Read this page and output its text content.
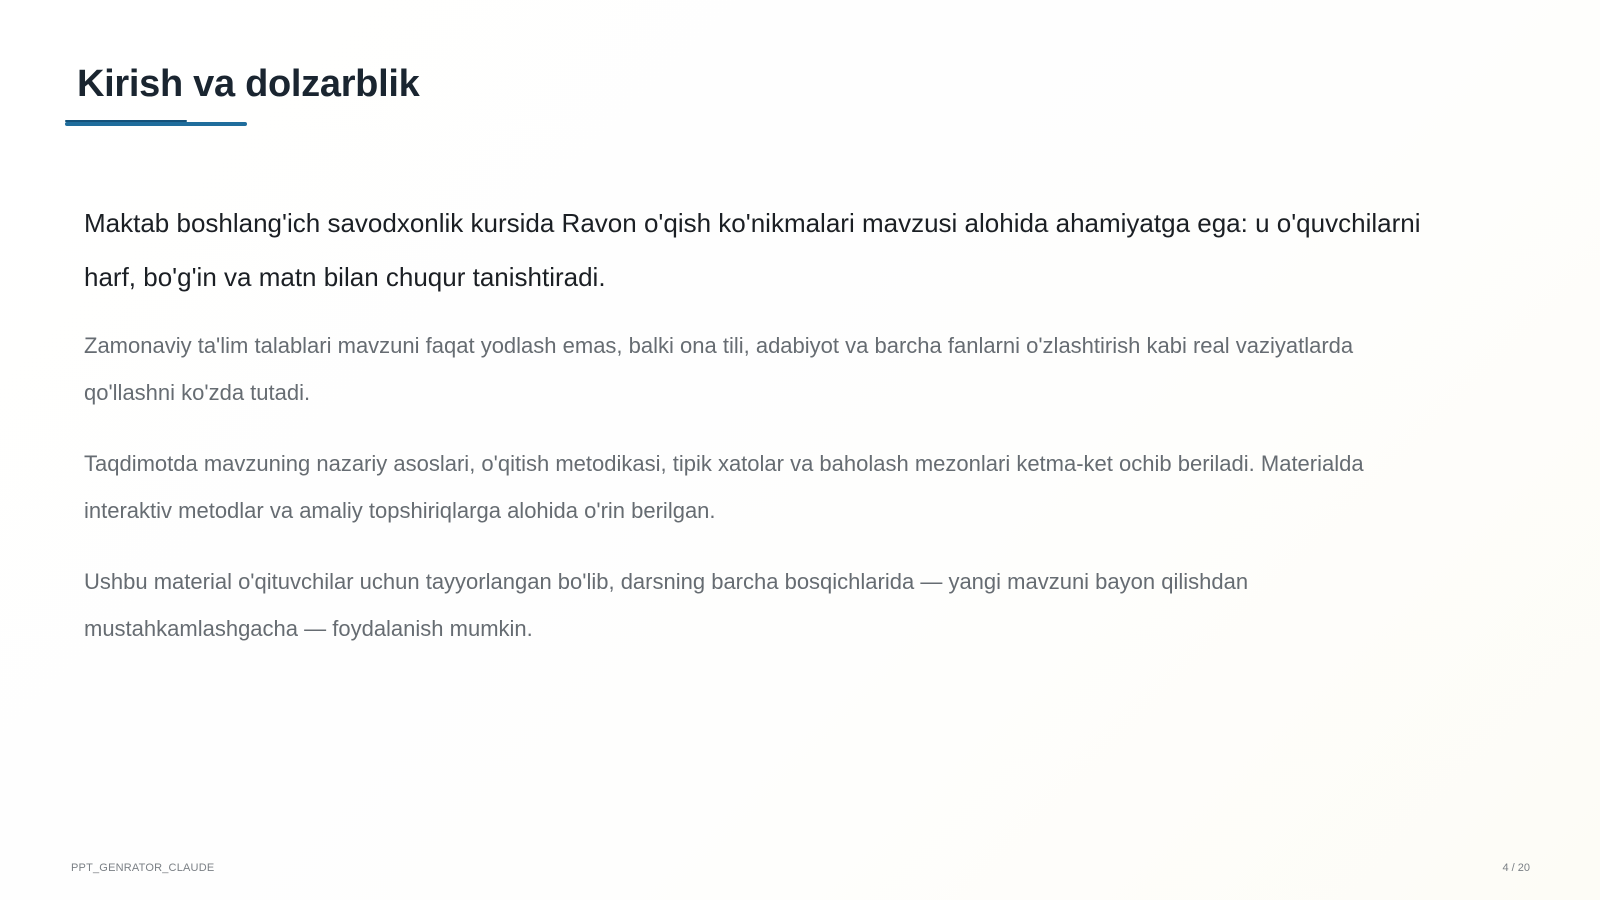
Kirish va dolzarblik

Maktab boshlang'ich savodxonlik kursida Ravon o'qish ko'nikmalari mavzusi alohida ahamiyatga ega: u o'quvchilarni harf, bo'g'in va matn bilan chuqur tanishtiradi.

Zamonaviy ta'lim talablari mavzuni faqat yodlash emas, balki ona tili, adabiyot va barcha fanlarni o'zlashtirish kabi real vaziyatlarda qo'llashni ko'zda tutadi.

Taqdimotda mavzuning nazariy asoslari, o'qitish metodikasi, tipik xatolar va baholash mezonlari ketma-ket ochib beriladi. Materialda interaktiv metodlar va amaliy topshiriqlarga alohida o'rin berilgan.

Ushbu material o'qituvchilar uchun tayyorlangan bo'lib, darsning barcha bosqichlarida — yangi mavzuni bayon qilishdan mustahkamlashgacha — foydalanish mumkin.

PPT_GENRATOR_CLAUDE	4 / 20
